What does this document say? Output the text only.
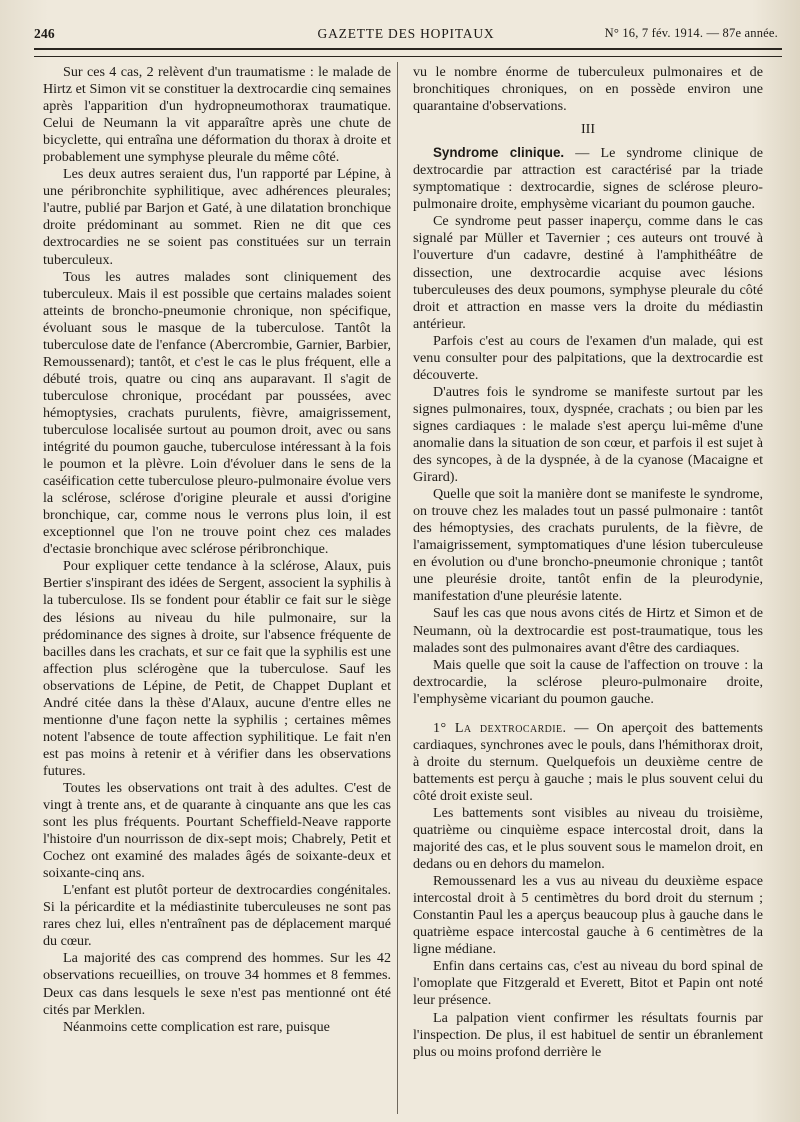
246	GAZETTE DES HOPITAUX	N° 16, 7 fév. 1914. — 87e année.

Sur ces 4 cas, 2 relèvent d'un traumatisme : le malade de Hirtz et Simon vit se constituer la dextrocardie cinq semaines après l'apparition d'un hydropneumothorax traumatique. Celui de Neumann la vit apparaître après une chute de bicyclette, qui entraîna une déformation du thorax à droite et probablement une symphyse pleurale du même côté.

Les deux autres seraient dus, l'un rapporté par Lépine, à une péribronchite syphilitique, avec adhérences pleurales; l'autre, publié par Barjon et Gaté, à une dilatation bronchique droite prédominant au sommet. Rien ne dit que ces dextrocardies ne se soient pas constituées sur un terrain tuberculeux.

Tous les autres malades sont cliniquement des tuberculeux. Mais il est possible que certains malades soient atteints de broncho-pneumonie chronique, non spécifique, évoluant sous le masque de la tuberculose. Tantôt la tuberculose date de l'enfance (Abercrombie, Garnier, Barbier, Remoussenard); tantôt, et c'est le cas le plus fréquent, elle a débuté trois, quatre ou cinq ans auparavant. Il s'agit de tuberculose chronique, procédant par poussées, avec hémoptysies, crachats purulents, fièvre, amaigrissement, tuberculose localisée surtout au poumon droit, avec ou sans intégrité du poumon gauche, tuberculose intéressant à la fois le poumon et la plèvre. Loin d'évoluer dans le sens de la caséification cette tuberculose pleuro-pulmonaire évolue vers la sclérose, sclérose d'origine pleurale et aussi d'origine bronchique, car, comme nous le verrons plus loin, il est exceptionnel que l'on ne trouve point chez ces malades d'ectasie bronchique avec sclérose péribronchique.

Pour expliquer cette tendance à la sclérose, Alaux, puis Bertier s'inspirant des idées de Sergent, associent la syphilis à la tuberculose. Ils se fondent pour établir ce fait sur le siège des lésions au niveau du hile pulmonaire, sur la prédominance des signes à droite, sur l'absence fréquente de bacilles dans les crachats, et sur ce fait que la syphilis est une affection plus sclérogène que la tuberculose. Sauf les observations de Lépine, de Petit, de Chappet Duplant et André citée dans la thèse d'Alaux, aucune d'entre elles ne mentionne d'une façon nette la syphilis ; certaines mêmes notent l'absence de toute affection syphilitique. Le fait n'en est pas moins à retenir et à vérifier dans les observations futures.

Toutes les observations ont trait à des adultes. C'est de vingt à trente ans, et de quarante à cinquante ans que les cas sont les plus fréquents. Pourtant Scheffield-Neave rapporte l'histoire d'un nourrisson de dix-sept mois; Chabrely, Petit et Cochez ont examiné des malades âgés de soixante-deux et soixante-cinq ans.

L'enfant est plutôt porteur de dextrocardies congénitales. Si la péricardite et la médiastinite tuberculeuses ne sont pas rares chez lui, elles n'entraînent pas de déplacement marqué du cœur.

La majorité des cas comprend des hommes. Sur les 42 observations recueillies, on trouve 34 hommes et 8 femmes. Deux cas dans lesquels le sexe n'est pas mentionné ont été cités par Merklen.

Néanmoins cette complication est rare, puisque

vu le nombre énorme de tuberculeux pulmonaires et de bronchitiques chroniques, on en possède environ une quarantaine d'observations.

III

Syndrome clinique. — Le syndrome clinique de dextrocardie par attraction est caractérisé par la triade symptomatique : dextrocardie, signes de sclérose pleuro-pulmonaire droite, emphysème vicariant du poumon gauche.

Ce syndrome peut passer inaperçu, comme dans le cas signalé par Müller et Tavernier ; ces auteurs ont trouvé à l'ouverture d'un cadavre, destiné à l'amphithéâtre de dissection, une dextrocardie acquise avec lésions tuberculeuses des deux poumons, symphyse pleurale du côté droit et attraction en masse vers la droite du médiastin antérieur.

Parfois c'est au cours de l'examen d'un malade, qui est venu consulter pour des palpitations, que la dextrocardie est découverte.

D'autres fois le syndrome se manifeste surtout par les signes pulmonaires, toux, dyspnée, crachats ; ou bien par les signes cardiaques : le malade s'est aperçu lui-même d'une anomalie dans la situation de son cœur, et parfois il est sujet à des syncopes, à de la dyspnée, à de la cyanose (Macaigne et Girard).

Quelle que soit la manière dont se manifeste le syndrome, on trouve chez les malades tout un passé pulmonaire : tantôt des hémoptysies, des crachats purulents, de la fièvre, de l'amaigrissement, symptomatiques d'une lésion tuberculeuse en évolution ou d'une broncho-pneumonie chronique ; tantôt une pleurésie droite, tantôt enfin de la pleurodynie, manifestation d'une pleurésie latente.

Sauf les cas que nous avons cités de Hirtz et Simon et de Neumann, où la dextrocardie est post-traumatique, tous les malades sont des pulmonaires avant d'être des cardiaques.

Mais quelle que soit la cause de l'affection on trouve : la dextrocardie, la sclérose pleuro-pulmonaire droite, l'emphysème vicariant du poumon gauche.

1° La dextrocardie. — On aperçoit des battements cardiaques, synchrones avec le pouls, dans l'hémithorax droit, à droite du sternum. Quelquefois un deuxième centre de battements est perçu à gauche ; mais le plus souvent celui du côté droit existe seul.

Les battements sont visibles au niveau du troisième, quatrième ou cinquième espace intercostal droit, dans la majorité des cas, et le plus souvent sous le mamelon droit, en dedans ou en dehors du mamelon.

Remoussenard les a vus au niveau du deuxième espace intercostal droit à 5 centimètres du bord droit du sternum ; Constantin Paul les a aperçus beaucoup plus à gauche dans le quatrième espace intercostal gauche à 6 centimètres de la ligne médiane.

Enfin dans certains cas, c'est au niveau du bord spinal de l'omoplate que Fitzgerald et Everett, Bitot et Papin ont noté leur présence.

La palpation vient confirmer les résultats fournis par l'inspection. De plus, il est habituel de sentir un ébranlement plus ou moins profond derrière le
